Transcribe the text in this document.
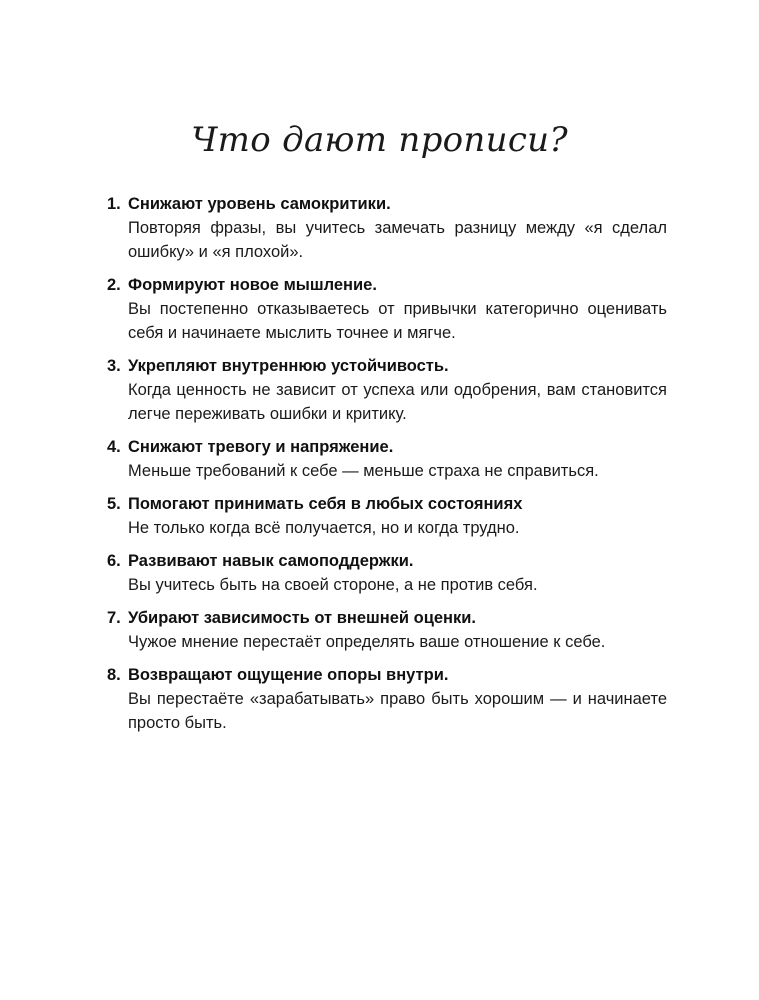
Что дают прописи?
1. Снижают уровень самокритики.
Повторяя фразы, вы учитесь замечать разницу между «я сделал ошибку» и «я плохой».
2. Формируют новое мышление.
Вы постепенно отказываетесь от привычки категорично оценивать себя и начинаете мыслить точнее и мягче.
3. Укрепляют внутреннюю устойчивость.
Когда ценность не зависит от успеха или одобрения, вам становится легче переживать ошибки и критику.
4. Снижают тревогу и напряжение.
Меньше требований к себе — меньше страха не справиться.
5. Помогают принимать себя в любых состояниях
Не только когда всё получается, но и когда трудно.
6. Развивают навык самоподдержки.
Вы учитесь быть на своей стороне, а не против себя.
7. Убирают зависимость от внешней оценки.
Чужое мнение перестаёт определять ваше отношение к себе.
8. Возвращают ощущение опоры внутри.
Вы перестаёте «зарабатывать» право быть хорошим — и начинаете просто быть.
